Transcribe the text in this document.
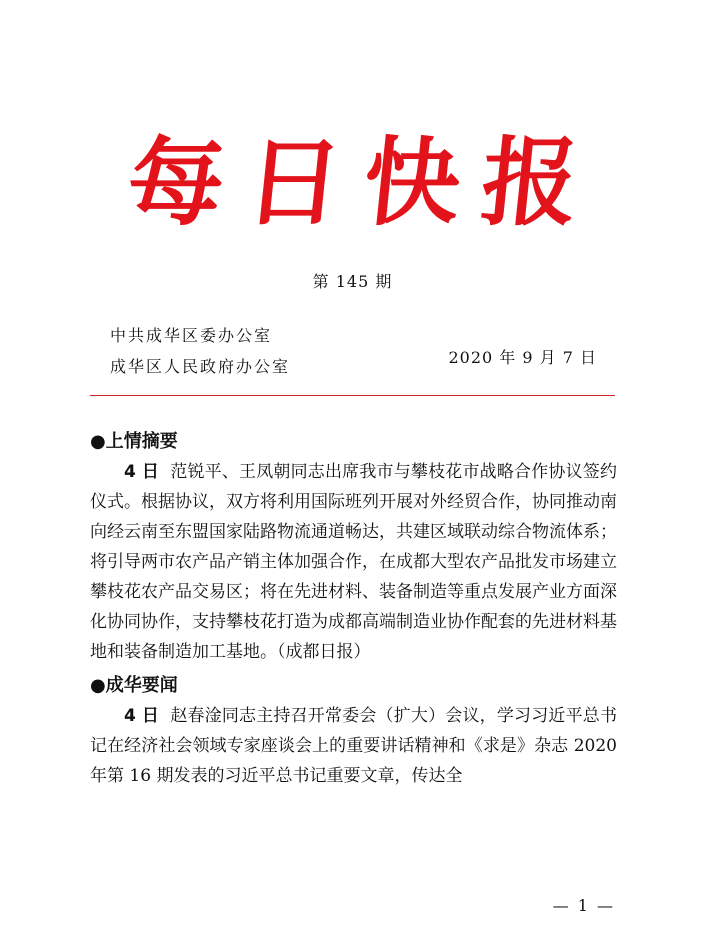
每日快报
第 145 期
中共成华区委办公室
成华区人民政府办公室	2020 年 9 月 7 日
●上情摘要

4 日 范锐平、王凤朝同志出席我市与攀枝花市战略合作协议签约仪式。根据协议，双方将利用国际班列开展对外经贸合作，协同推动南向经云南至东盟国家陆路物流通道畅达，共建区域联动综合物流体系；将引导两市农产品产销主体加强合作，在成都大型农产品批发市场建立攀枝花农产品交易区；将在先进材料、装备制造等重点发展产业方面深化协同协作，支持攀枝花打造为成都高端制造业协作配套的先进材料基地和装备制造加工基地。（成都日报）

●成华要闻

4 日 赵春淦同志主持召开常委会（扩大）会议，学习习近平总书记在经济社会领域专家座谈会上的重要讲话精神和《求是》杂志 2020 年第 16 期发表的习近平总书记重要文章，传达全

— 1 —
